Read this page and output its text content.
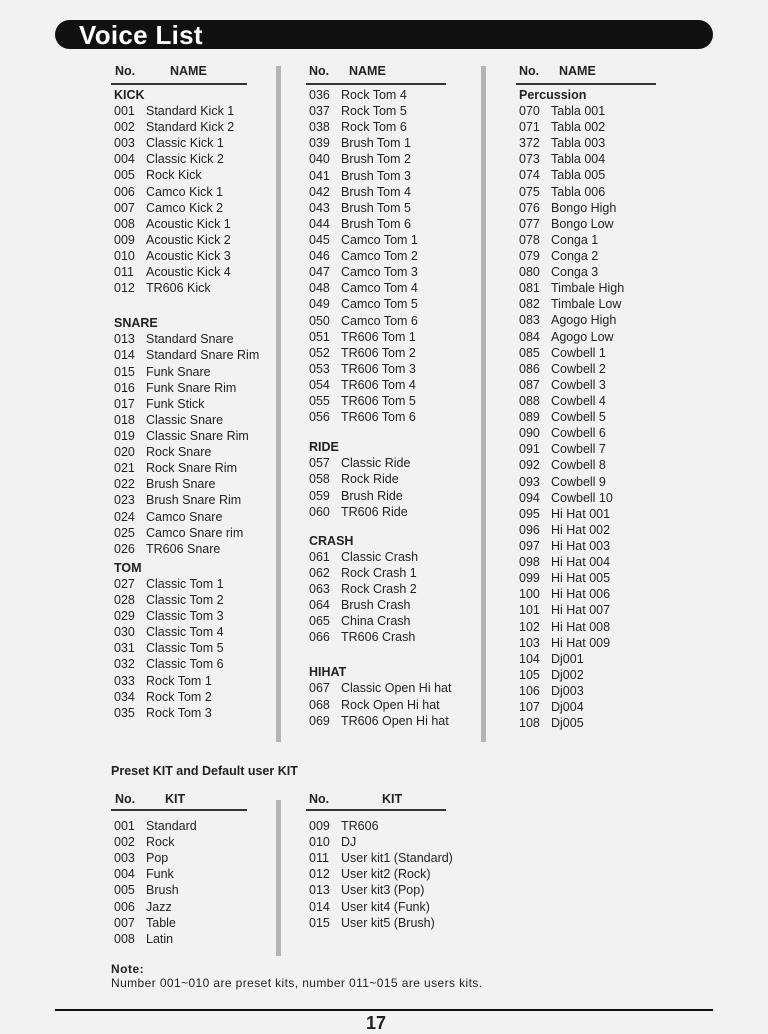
Voice List
No.	NAME	No. NAME	No. NAME
KICK
001 Standard Kick 1
002 Standard Kick 2
003 Classic Kick 1
004 Classic Kick 2
005 Rock Kick
006 Camco Kick 1
007 Camco Kick 2
008 Acoustic Kick 1
009 Acoustic Kick 2
010 Acoustic Kick 3
011 Acoustic Kick 4
012 TR606 Kick
SNARE
013 Standard Snare
014 Standard Snare Rim
015 Funk Snare
016 Funk Snare Rim
017 Funk Stick
018 Classic Snare
019 Classic Snare Rim
020 Rock Snare
021 Rock Snare Rim
022 Brush Snare
023 Brush Snare Rim
024 Camco Snare
025 Camco Snare rim
026 TR606 Snare
TOM
027 Classic Tom 1
028 Classic Tom 2
029 Classic Tom 3
030 Classic Tom 4
031 Classic Tom 5
032 Classic Tom 6
033 Rock Tom 1
034 Rock Tom 2
035 Rock Tom 3
036 Rock Tom 4
037 Rock Tom 5
038 Rock Tom 6
039 Brush Tom 1
040 Brush Tom 2
041 Brush Tom 3
042 Brush Tom 4
043 Brush Tom 5
044 Brush Tom 6
045 Camco Tom 1
046 Camco Tom 2
047 Camco Tom 3
048 Camco Tom 4
049 Camco Tom 5
050 Camco Tom 6
051 TR606 Tom 1
052 TR606 Tom 2
053 TR606 Tom 3
054 TR606 Tom 4
055 TR606 Tom 5
056 TR606 Tom 6
RIDE
057 Classic Ride
058 Rock Ride
059 Brush Ride
060 TR606 Ride
CRASH
061 Classic Crash
062 Rock Crash 1
063 Rock Crash 2
064 Brush Crash
065 China Crash
066 TR606 Crash
HIHAT
067 Classic Open Hi hat
068 Rock Open Hi hat
069 TR606 Open Hi hat
Percussion
070 Tabla 001
071 Tabla 002
372 Tabla 003
073 Tabla 004
074 Tabla 005
075 Tabla 006
076 Bongo High
077 Bongo Low
078 Conga 1
079 Conga 2
080 Conga 3
081 Timbale High
082 Timbale Low
083 Agogo High
084 Agogo Low
085 Cowbell 1
086 Cowbell 2
087 Cowbell 3
088 Cowbell 4
089 Cowbell 5
090 Cowbell 6
091 Cowbell 7
092 Cowbell 8
093 Cowbell 9
094 Cowbell 10
095 Hi Hat 001
096 Hi Hat 002
097 Hi Hat 003
098 Hi Hat 004
099 Hi Hat 005
100 Hi Hat 006
101 Hi Hat 007
102 Hi Hat 008
103 Hi Hat 009
104 Dj001
105 Dj002
106 Dj003
107 Dj004
108 Dj005
Preset KIT and Default user KIT
No. KIT	No.	KIT
001 Standard
002 Rock
003 Pop
004 Funk
005 Brush
006 Jazz
007 Table
008 Latin
009 TR606
010 DJ
011 User kit1 (Standard)
012 User kit2 (Rock)
013 User kit3 (Pop)
014 User kit4 (Funk)
015 User kit5 (Brush)
Note:
Number 001~010 are preset kits, number 011~015 are users kits.
17
